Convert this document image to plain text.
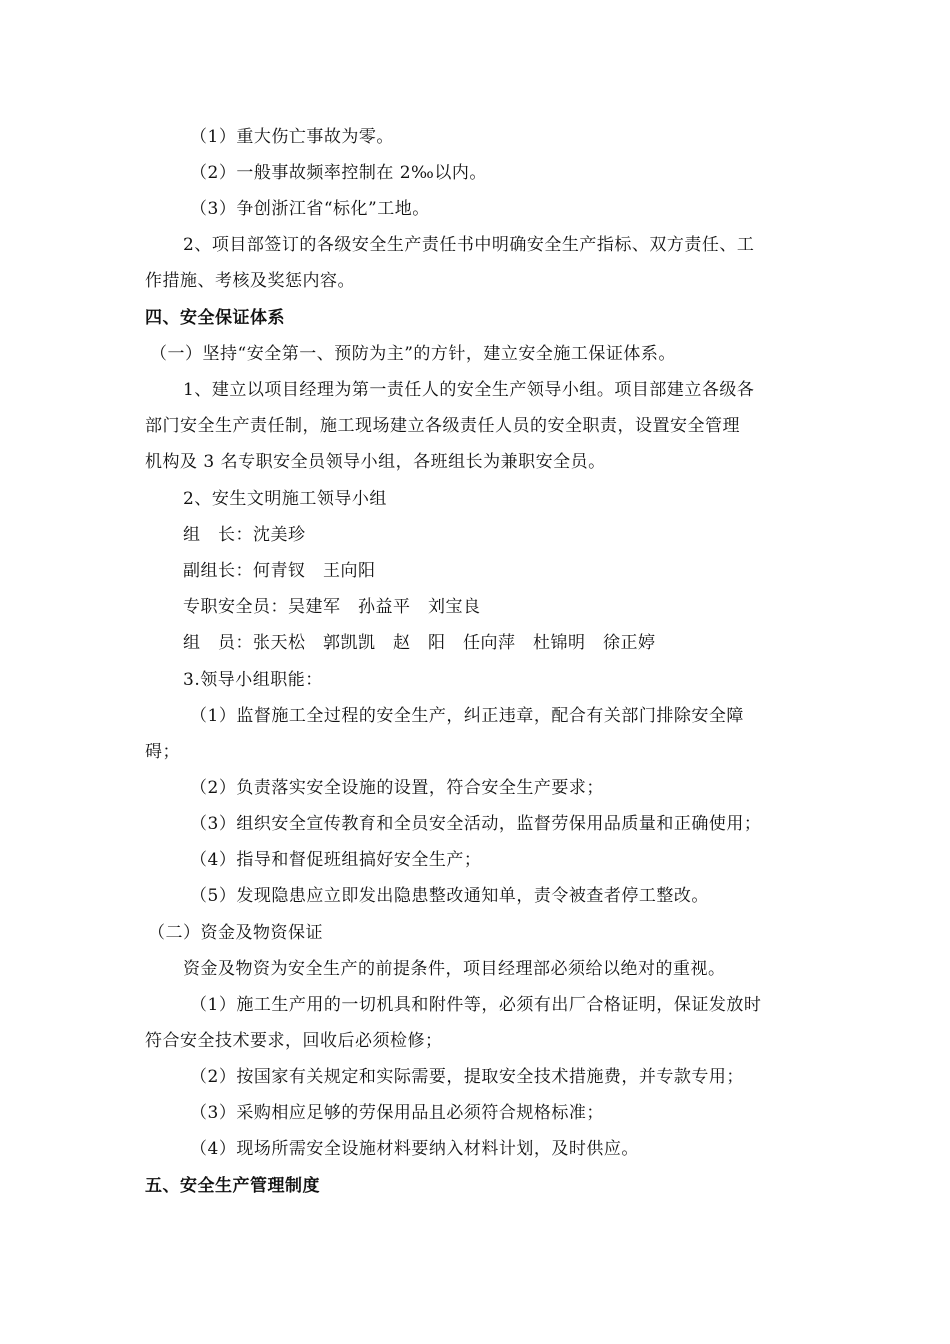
（1）重大伤亡事故为零。
（2）一般事故频率控制在 2‰以内。
（3）争创浙江省“标化”工地。
2、项目部签订的各级安全生产责任书中明确安全生产指标、双方责任、工
作措施、考核及奖惩内容。
四、安全保证体系
（一）坚持“安全第一、预防为主”的方针，建立安全施工保证体系。
1、建立以项目经理为第一责任人的安全生产领导小组。项目部建立各级各
部门安全生产责任制，施工现场建立各级责任人员的安全职责，设置安全管理
机构及 3 名专职安全员领导小组，各班组长为兼职安全员。
2、安生文明施工领导小组
组　长：沈美珍
副组长：何青钗　王向阳
专职安全员：吴建军　孙益平　刘宝良
组　员：张天松　郭凯凯　赵　阳　任向萍　杜锦明　徐正婷
3.领导小组职能：
（1）监督施工全过程的安全生产，纠正违章，配合有关部门排除安全障
碍；
（2）负责落实安全设施的设置，符合安全生产要求；
（3）组织安全宣传教育和全员安全活动，监督劳保用品质量和正确使用；
（4）指导和督促班组搞好安全生产；
（5）发现隐患应立即发出隐患整改通知单，责令被查者停工整改。
（二）资金及物资保证
资金及物资为安全生产的前提条件，项目经理部必须给以绝对的重视。
（1）施工生产用的一切机具和附件等，必须有出厂合格证明，保证发放时
符合安全技术要求，回收后必须检修；
（2）按国家有关规定和实际需要，提取安全技术措施费，并专款专用；
（3）采购相应足够的劳保用品且必须符合规格标准；
（4）现场所需安全设施材料要纳入材料计划，及时供应。
五、安全生产管理制度
